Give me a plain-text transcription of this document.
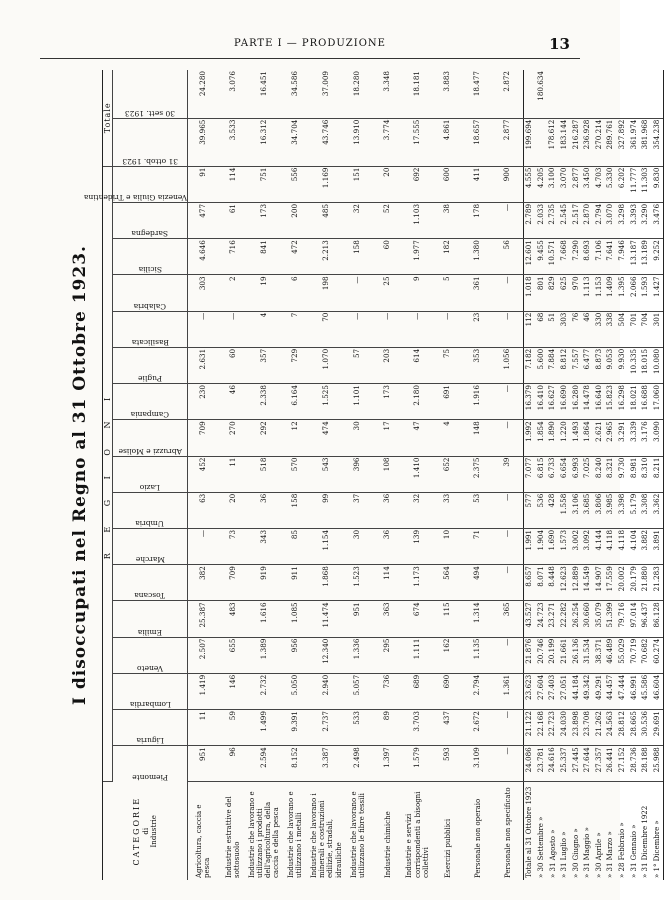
PARTE I — PRODUZIONE	13
I disoccupati nel Regno al 31 Ottobre 1923.
CATEGORIE di Industrie	R E G I O N I																	Totale	

	Piemonte	Liguria	Lombardia	Veneto	Emilia	Toscana	Marche	Umbria	Lazio	Abruzzi e Molise	Campania	Puglie	Basilicata	Calabria	Sicilia	Sardegna	Venezia Giulia e Tridentina	31 ottob. 1923	30 sett. 1923

Agricoltura, caccia e pesca	951	11	1.419	2.507	25.387	382	—	63	452	709	230	2.631	—	303	4.646	477	91	39.965	24.280
Industrie estrattive del sottosuolo	96	59	146	655	483	709	73	20	11	270	46	60	—	2	716	61	114	3.533	3.076
Industrie che lavorano e utilizzano i prodotti dell'agricoltura, della caccia e della pesca	2.594	1.499	2.732	1.389	1.616	919	343	36	518	292	2.338	357	4	19	841	173	751	16.312	16.451
Industrie che lavorano e utilizzano i metalli	8.152	9.391	5.050	956	1.085	911	85	158	570	12	6.164	729	7	6	472	200	556	34.704	34.586
Industrie che lavorano i minerali e costruzioni edilizie, stradali, idrauliche	3.387	2.737	2.940	12.340	11.474	1.868	1.154	99	543	474	1.525	1.070	70	198	2.213	485	1.169	43.746	37.009
Industrie che lavorano e utilizzano le fibre tessili	2.498	533	5.057	1.336	951	1.523	30	37	396	30	1.101	57	—	—	158	32	151	13.910	18.280
Industrie chimiche	1.397	89	736	295	363	114	36	36	108	17	173	203	—	25	60	52	20	3.774	3.348
Industrie e servizi corrispondenti a bisogni collettivi	1.579	3.703	689	1.111	674	1.173	139	32	1.410	47	2.180	614	—	9	1.977	1.103	692	17.555	18.181
Esercizi pubblici	593	437	690	162	115	564	10	33	652	4	691	75	—	5	182	38	600	4.861	3.883
Personale non operaio	3.109	2.672	2.794	1.135	1.314	494	71	53	2.375	148	1.916	353	23	361	1.380	178	411	18.657	18.477
Personale non specificato	—	—	1.361	—	365	—	—	—	39	—	—	1.056	—	—	56	—	900	2.877	2.872
Totale al 31 Ottobre 1923	24.086	21.122	23.623	21.876	43.527	8.657	1.991	577	7.077	1.992	16.379	7.182	112	1.018	12.601	2.789	4.555	199.694	
» 30 Settembre »	23.781	22.168	27.604	20.746	24.723	8.071	1.904	536	6.815	1.854	16.410	5.600	68	801	9.455	2.033	4.205		180.634
» 31 Agosto »	24.616	22.723	27.403	20.199	23.271	8.448	1.690	428	6.733	1.890	16.627	7.884	51	829	10.571	2.735	3.100	178.612	
» 31 Luglio »	25.337	24.030	27.051	21.661	22.282	12.623	1.573	1.558	6.654	1.220	16.690	8.812	303	625	7.668	2.545	3.070	183.144	
» 30 Giugno »	27.445	23.898	44.184	26.136	26.254	12.889	3.002	3.106	6.993	1.493	16.280	7.557	76	970	7.290	2.517	2.877	216.287	
» 31 Maggio »	27.644	23.708	49.342	31.534	30.660	14.549	3.092	3.685	7.025	1.864	14.478	6.477	46	1.113	8.693	2.870	3.450	236.928	
» 30 Aprile »	27.357	21.262	49.291	38.371	35.079	14.907	4.144	3.806	8.240	2.621	16.640	8.873	330	1.153	7.106	2.794	4.703	270.214	
» 31 Marzo »	26.441	24.563	44.457	46.489	51.399	17.559	4.118	3.985	8.321	2.965	15.823	9.053	338	1.409	7.641	3.070	5.330	289.761	
» 28 Febbraio »	27.152	28.812	47.444	55.029	79.716	20.002	4.118	3.398	9.730	3.291	16.298	9.930	504	1.395	7.946	3.298	6.202	327.892	
» 31 Gennaio »	28.736	28.665	46.991	70.719	97.014	20.179	4.104	5.179	8.981	3.339	18.021	10.335	701	2.066	13.187	3.393	11.777	361.974	
» 31 Dicembre 1922	28.188	30.536	45.586	70.682	96.437	21.880	3.882	3.308	8.310	3.176	16.688	18.015	704	1.593	13.189	3.290	11.303	381.968	
» 1° Dicembre »	25.988	29.691	46.604	60.274	86.128	21.283	3.891	3.362	8.211	3.090	17.060	10.080	301	1.427	9.252	3.476	9.830	354.238	
